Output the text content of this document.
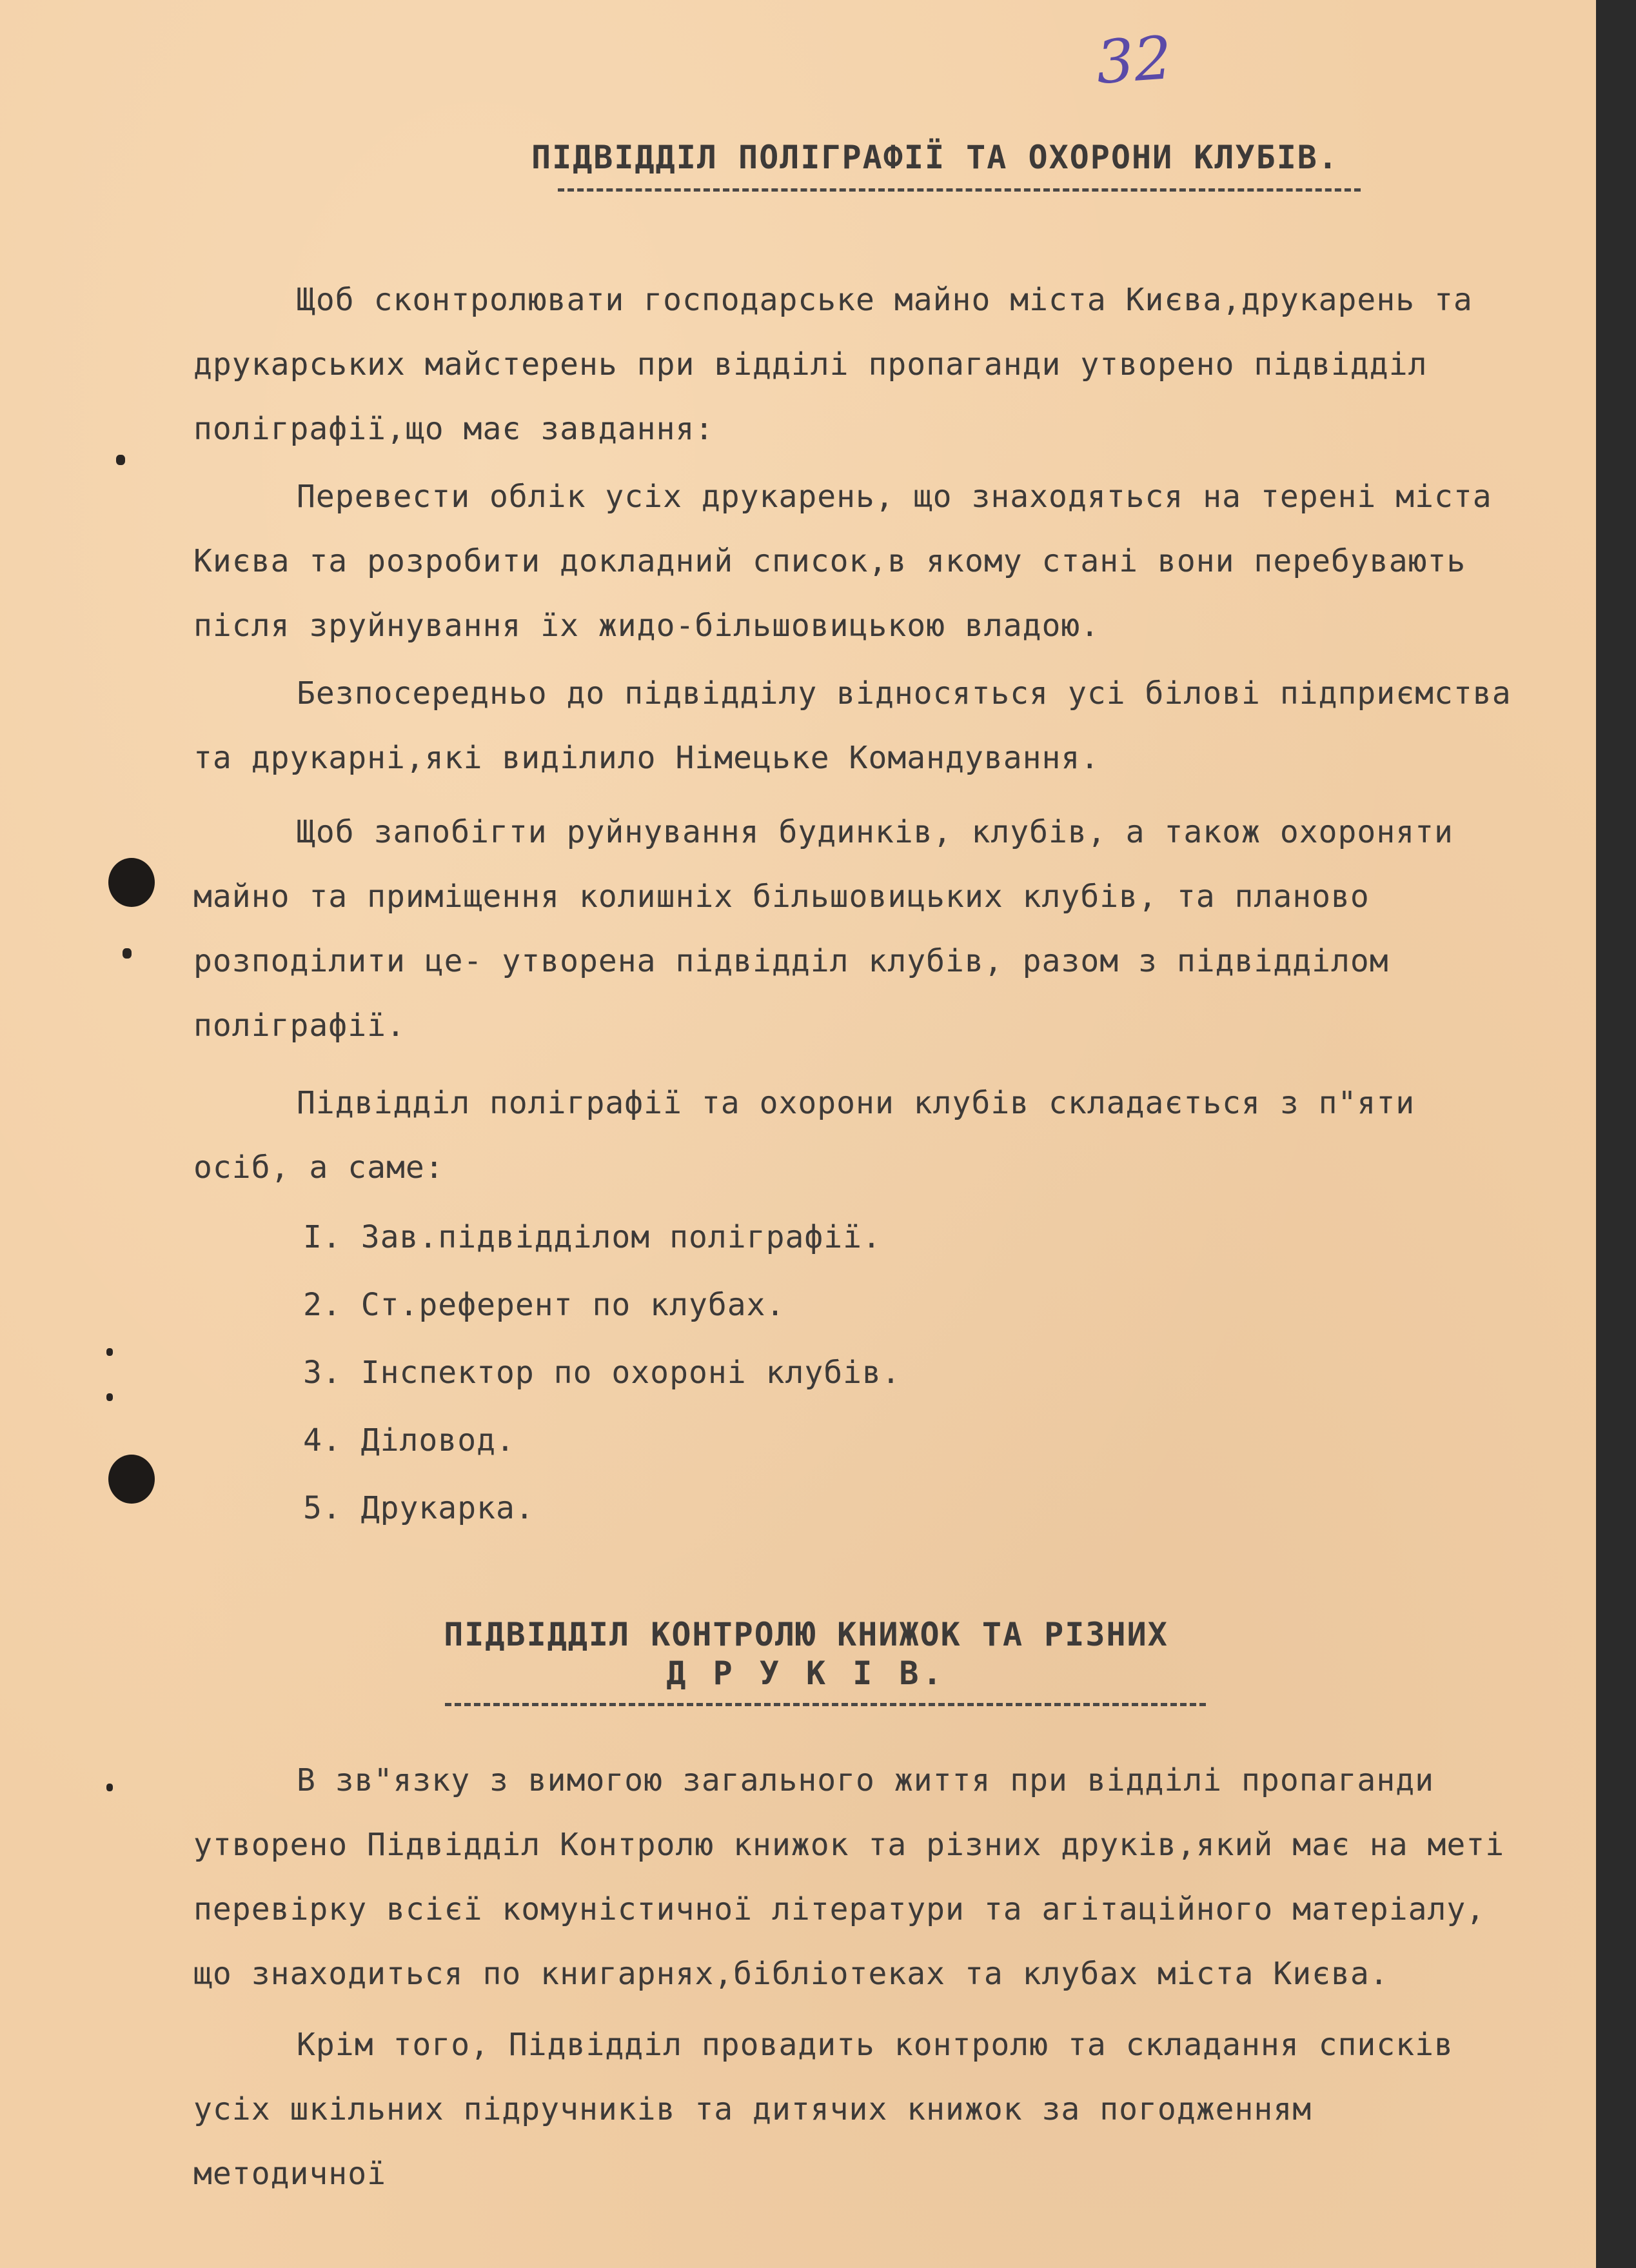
32
ПІДВІДДІЛ ПОЛІГРАФІЇ ТА ОХОРОНИ КЛУБІВ.

Щоб сконтролювати господарське майно міста Києва,друкарень та друкарських майстерень при відділі пропаганди утворено підвідділ поліграфії,що має завдання:

Перевести облік усіх друкарень, що знаходяться на терені міста Києва та розробити докладний список,в якому стані вони перебувають після зруйнування їх жидо-більшовицькою владою.

Безпосередньо до підвідділу відносяться усі білові підприємства та друкарні,які виділило Німецьке Командування.

Щоб запобігти руйнування будинків, клубів, а також охороняти майно та приміщення колишніх більшовицьких клубів, та планово розподілити це- утворена підвідділ клубів, разом з підвідділом поліграфії.

Підвідділ поліграфії та охорони клубів складається з п"яти осіб, а саме:

I. Зав.підвідділом поліграфії.
2. Ст.референт по клубах.
3. Інспектор по охороні клубів.
4. Діловод.
5. Друкарка.
ПІДВІДДІЛ КОНТРОЛЮ КНИЖОК ТА РІЗНИХ
Д Р У К І В.

В зв"язку з вимогою загального життя при відділі пропаганди утворено Підвідділ Контролю книжок та різних друків,який має на меті перевірку всієї комуністичної літератури та агітаційного матеріалу, що знаходиться по книгарнях,бібліотеках та клубах міста Києва.

Крім того, Підвідділ провадить контролю та складання списків усіх шкільних підручників та дитячих книжок за погодженням методичної
